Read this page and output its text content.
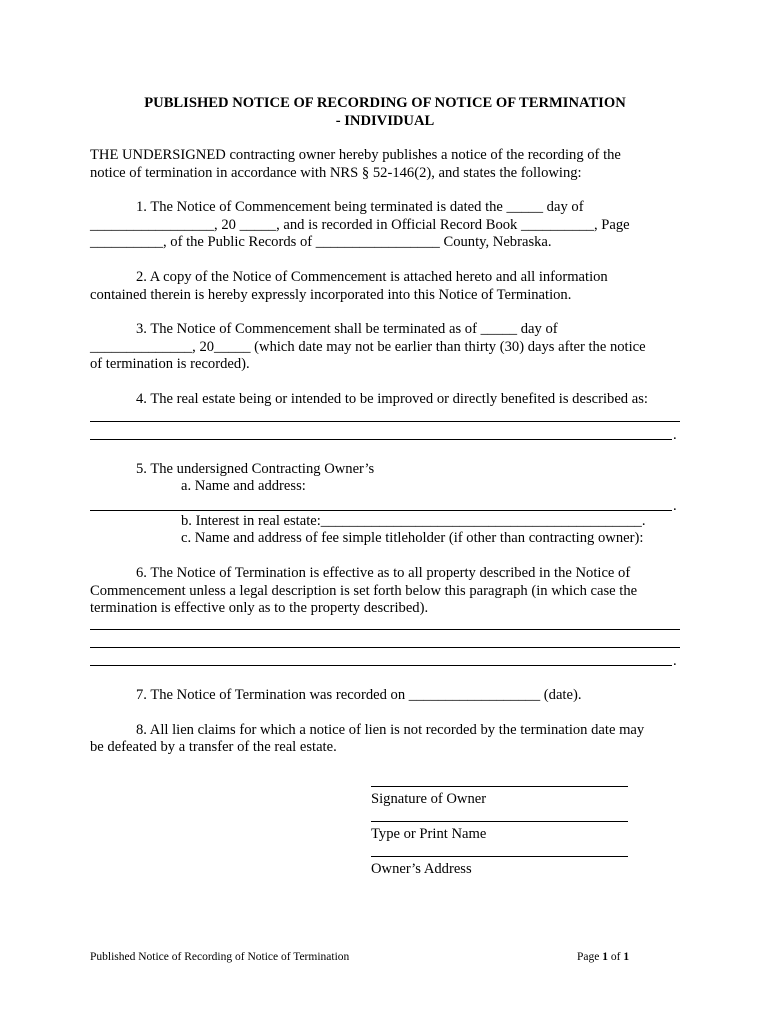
PUBLISHED NOTICE OF RECORDING OF NOTICE OF TERMINATION
- INDIVIDUAL
THE UNDERSIGNED contracting owner hereby publishes a notice of the recording of the
notice of termination in accordance with NRS § 52-146(2), and states the following:
1. The Notice of Commencement being terminated is dated the _____ day of
_________________, 20 _____, and is recorded in Official Record Book __________, Page
__________, of the Public Records of _________________ County, Nebraska.
2. A copy of the Notice of Commencement is attached hereto and all information
contained therein is hereby expressly incorporated into this Notice of Termination.
3. The Notice of Commencement shall be terminated as of _____ day of
______________, 20_____ (which date may not be earlier than thirty (30) days after the notice
of termination is recorded).
4. The real estate being or intended to be improved or directly benefited is described as:
.
5. The undersigned Contracting Owner’s
a. Name and address:
.
b. Interest in real estate:____________________________________________.
c. Name and address of fee simple titleholder (if other than contracting owner):
6. The Notice of Termination is effective as to all property described in the Notice of
Commencement unless a legal description is set forth below this paragraph (in which case the
termination is effective only as to the property described).
.
7. The Notice of Termination was recorded on __________________ (date).
8. All lien claims for which a notice of lien is not recorded by the termination date may
be defeated by a transfer of the real estate.
Signature of Owner
Type or Print Name
Owner’s Address
Published Notice of Recording of Notice of Termination	Page 1 of 1
